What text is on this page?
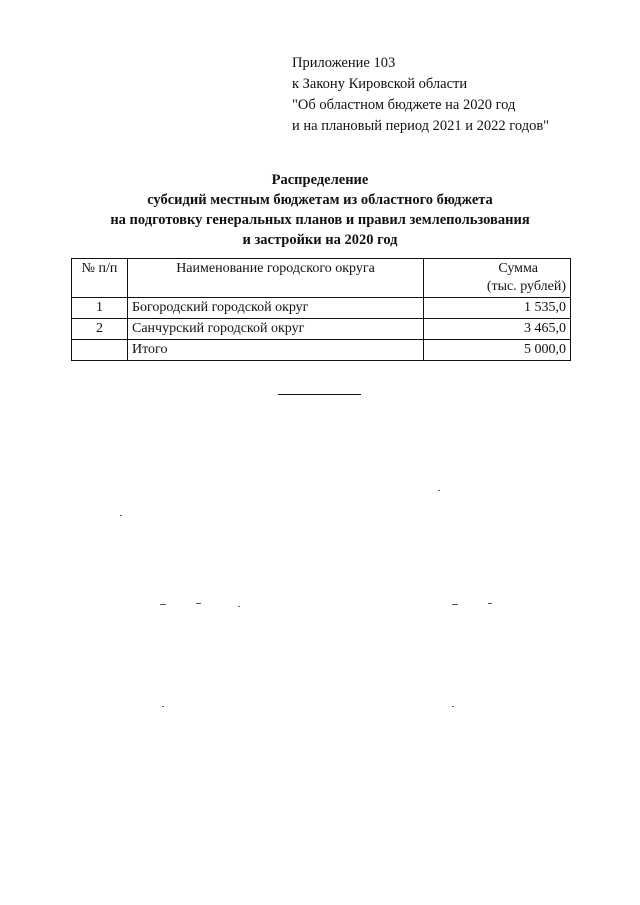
Приложение 103
к Закону Кировской области
"Об областном бюджете на 2020 год
и на плановый период 2021 и 2022 годов"
Распределение
субсидий местным бюджетам из областного бюджета
на подготовку генеральных планов и правил землепользования
и застройки на 2020 год
№ п/п	Наименование городского округа	Сумма
(тыс. рублей)

1	Богородский городской округ	1 535,0
2	Санчурский городской округ	3 465,0
	Итого	5 000,0
